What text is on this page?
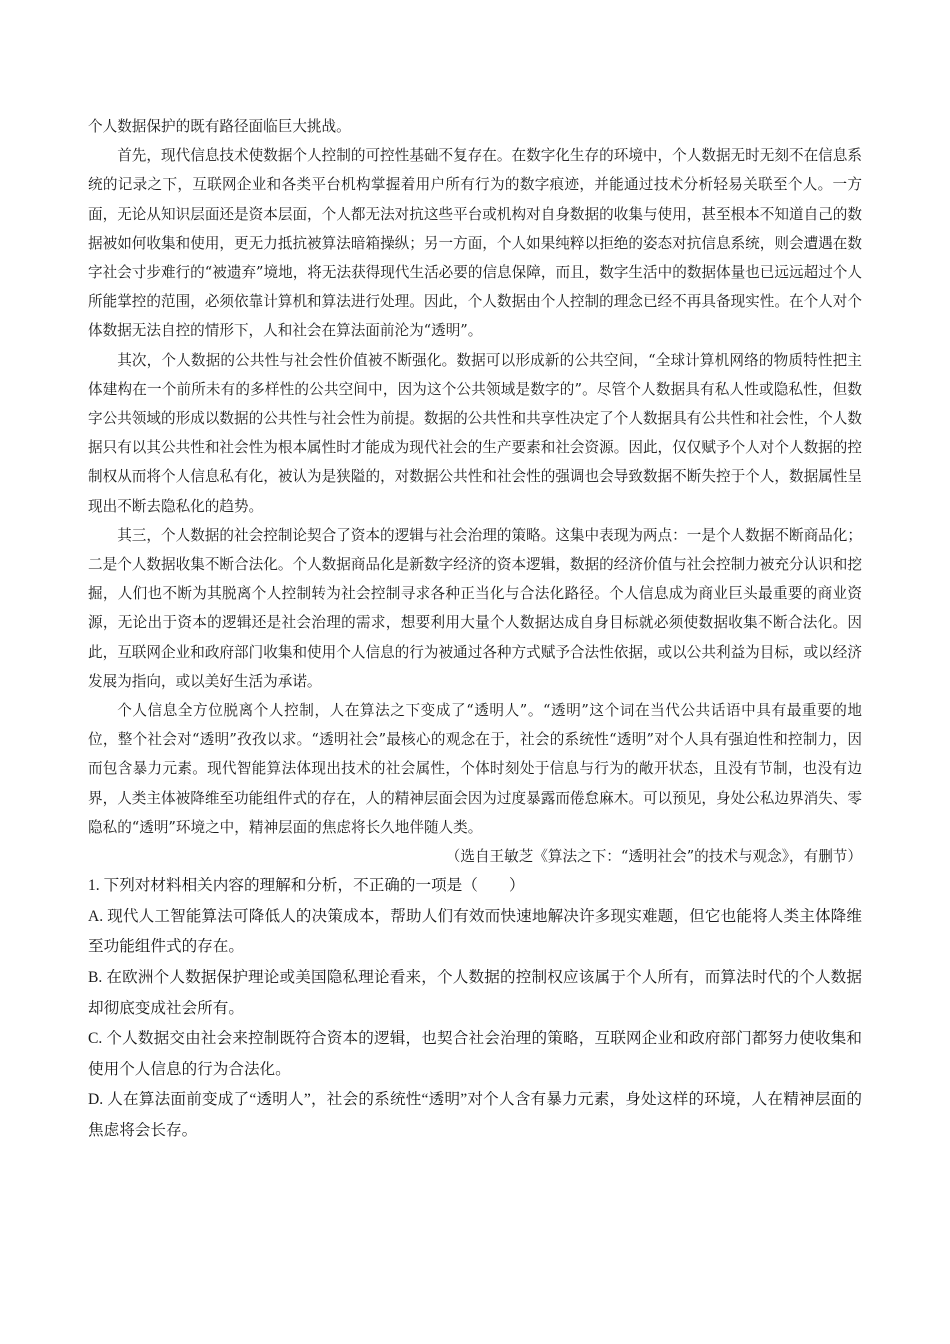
个人数据保护的既有路径面临巨大挑战。

首先，现代信息技术使数据个人控制的可控性基础不复存在。在数字化生存的环境中，个人数据无时无刻不在信息系统的记录之下，互联网企业和各类平台机构掌握着用户所有行为的数字痕迹，并能通过技术分析轻易关联至个人。一方面，无论从知识层面还是资本层面，个人都无法对抗这些平台或机构对自身数据的收集与使用，甚至根本不知道自己的数据被如何收集和使用，更无力抵抗被算法暗箱操纵；另一方面，个人如果纯粹以拒绝的姿态对抗信息系统，则会遭遇在数字社会寸步难行的“被遗弃”境地，将无法获得现代生活必要的信息保障，而且，数字生活中的数据体量也已远远超过个人所能掌控的范围，必须依靠计算机和算法进行处理。因此，个人数据由个人控制的理念已经不再具备现实性。在个人对个体数据无法自控的情形下，人和社会在算法面前沦为“透明”。

其次，个人数据的公共性与社会性价值被不断强化。数据可以形成新的公共空间，“全球计算机网络的物质特性把主体建构在一个前所未有的多样性的公共空间中，因为这个公共领域是数字的”。尽管个人数据具有私人性或隐私性，但数字公共领域的形成以数据的公共性与社会性为前提。数据的公共性和共享性决定了个人数据具有公共性和社会性，个人数据只有以其公共性和社会性为根本属性时才能成为现代社会的生产要素和社会资源。因此，仅仅赋予个人对个人数据的控制权从而将个人信息私有化，被认为是狭隘的，对数据公共性和社会性的强调也会导致数据不断失控于个人，数据属性呈现出不断去隐私化的趋势。

其三，个人数据的社会控制论契合了资本的逻辑与社会治理的策略。这集中表现为两点：一是个人数据不断商品化；二是个人数据收集不断合法化。个人数据商品化是新数字经济的资本逻辑，数据的经济价值与社会控制力被充分认识和挖掘，人们也不断为其脱离个人控制转为社会控制寻求各种正当化与合法化路径。个人信息成为商业巨头最重要的商业资源，无论出于资本的逻辑还是社会治理的需求，想要利用大量个人数据达成自身目标就必须使数据收集不断合法化。因此，互联网企业和政府部门收集和使用个人信息的行为被通过各种方式赋予合法性依据，或以公共利益为目标，或以经济发展为指向，或以美好生活为承诺。

个人信息全方位脱离个人控制，人在算法之下变成了“透明人”。“透明”这个词在当代公共话语中具有最重要的地位，整个社会对“透明”孜孜以求。“透明社会”最核心的观念在于，社会的系统性“透明”对个人具有强迫性和控制力，因而包含暴力元素。现代智能算法体现出技术的社会属性，个体时刻处于信息与行为的敞开状态，且没有节制，也没有边界，人类主体被降维至功能组件式的存在，人的精神层面会因为过度暴露而倦怠麻木。可以预见，身处公私边界消失、零隐私的“透明”环境之中，精神层面的焦虑将长久地伴随人类。

（选自王敏芝《算法之下：“透明社会”的技术与观念》，有删节）

1. 下列对材料相关内容的理解和分析，不正确的一项是（　　）

A. 现代人工智能算法可降低人的决策成本，帮助人们有效而快速地解决许多现实难题，但它也能将人类主体降维至功能组件式的存在。

B. 在欧洲个人数据保护理论或美国隐私理论看来，个人数据的控制权应该属于个人所有，而算法时代的个人数据却彻底变成社会所有。

C. 个人数据交由社会来控制既符合资本的逻辑，也契合社会治理的策略，互联网企业和政府部门都努力使收集和使用个人信息的行为合法化。

D. 人在算法面前变成了“透明人”，社会的系统性“透明”对个人含有暴力元素，身处这样的环境，人在精神层面的焦虑将会长存。
